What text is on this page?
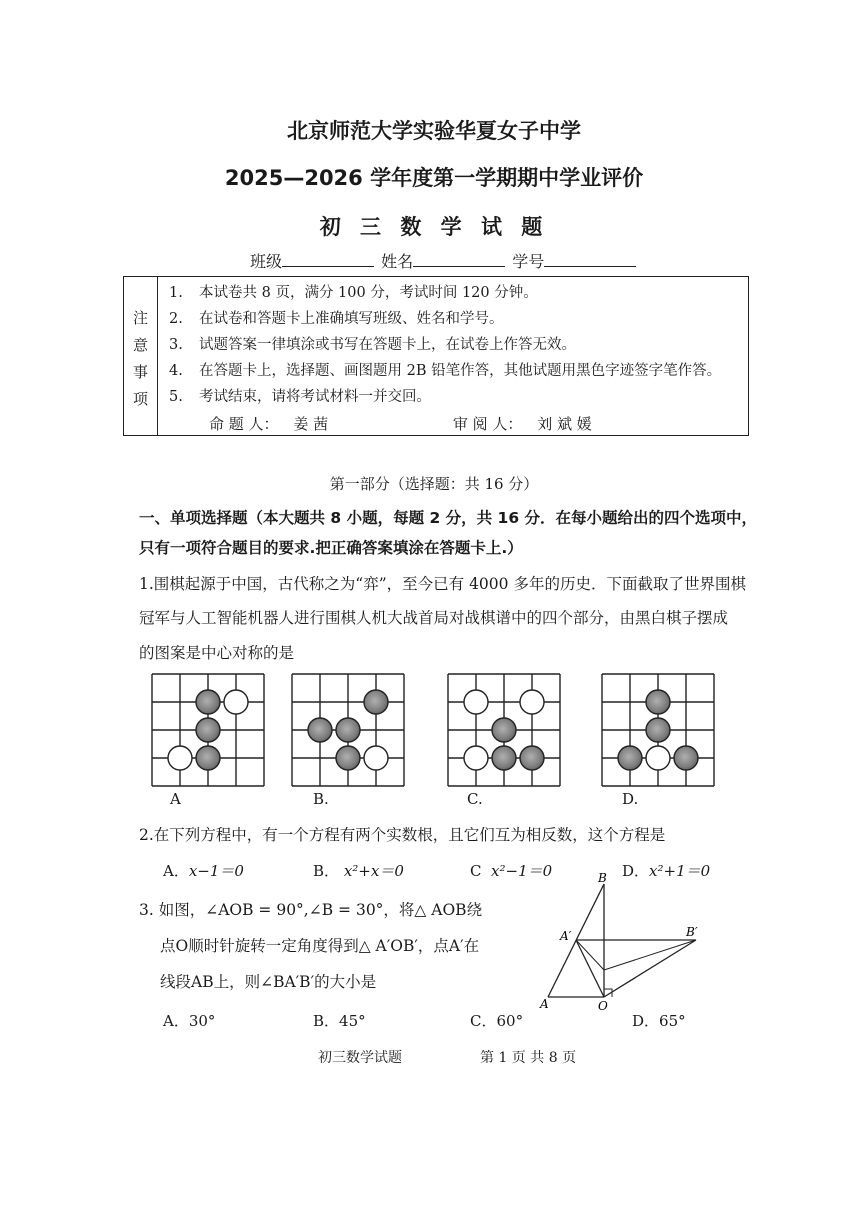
北京师范大学实验华夏女子中学
2025—2026 学年度第一学期期中学业评价
初 三 数 学 试 题
班级	姓名	学号
注
意
事
项
1. 本试卷共 8 页，满分 100 分，考试时间 120 分钟。
2. 在试卷和答题卡上准确填写班级、姓名和学号。
3. 试题答案一律填涂或书写在答题卡上，在试卷上作答无效。
4. 在答题卡上，选择题、画图题用 2B 铅笔作答，其他试题用黑色字迹签字笔作答。
5. 考试结束，请将考试材料一并交回。
命 题 人： 姜 茜	审 阅 人： 刘 斌 媛
第一部分（选择题：共 16 分）
一、单项选择题（本大题共 8 小题，每题 2 分，共 16 分．在每小题给出的四个选项中，
只有一项符合题目的要求.把正确答案填涂在答题卡上.）
1.围棋起源于中国，古代称之为“弈”，至今已有 4000 多年的历史．下面截取了世界围棋
冠军与人工智能机器人进行围棋人机大战首局对战棋谱中的四个部分，由黑白棋子摆成
的图案是中心对称的是
A	B.	C.	D.
2.在下列方程中，有一个方程有两个实数根，且它们互为相反数，这个方程是
A．x−1＝0	B． x²+x＝0	C x²−1＝0	D．x²+1＝0
3. 如图，∠AOB = 90°,∠B = 30°，将△ AOB绕
点O顺时针旋转一定角度得到△ A′OB′，点A′在
线段AB上，则∠BA′B′的大小是
B
A′	B′
A	O
A．30°	B．45°	C．60°	D．65°
初三数学试题	第 1 页 共 8 页
